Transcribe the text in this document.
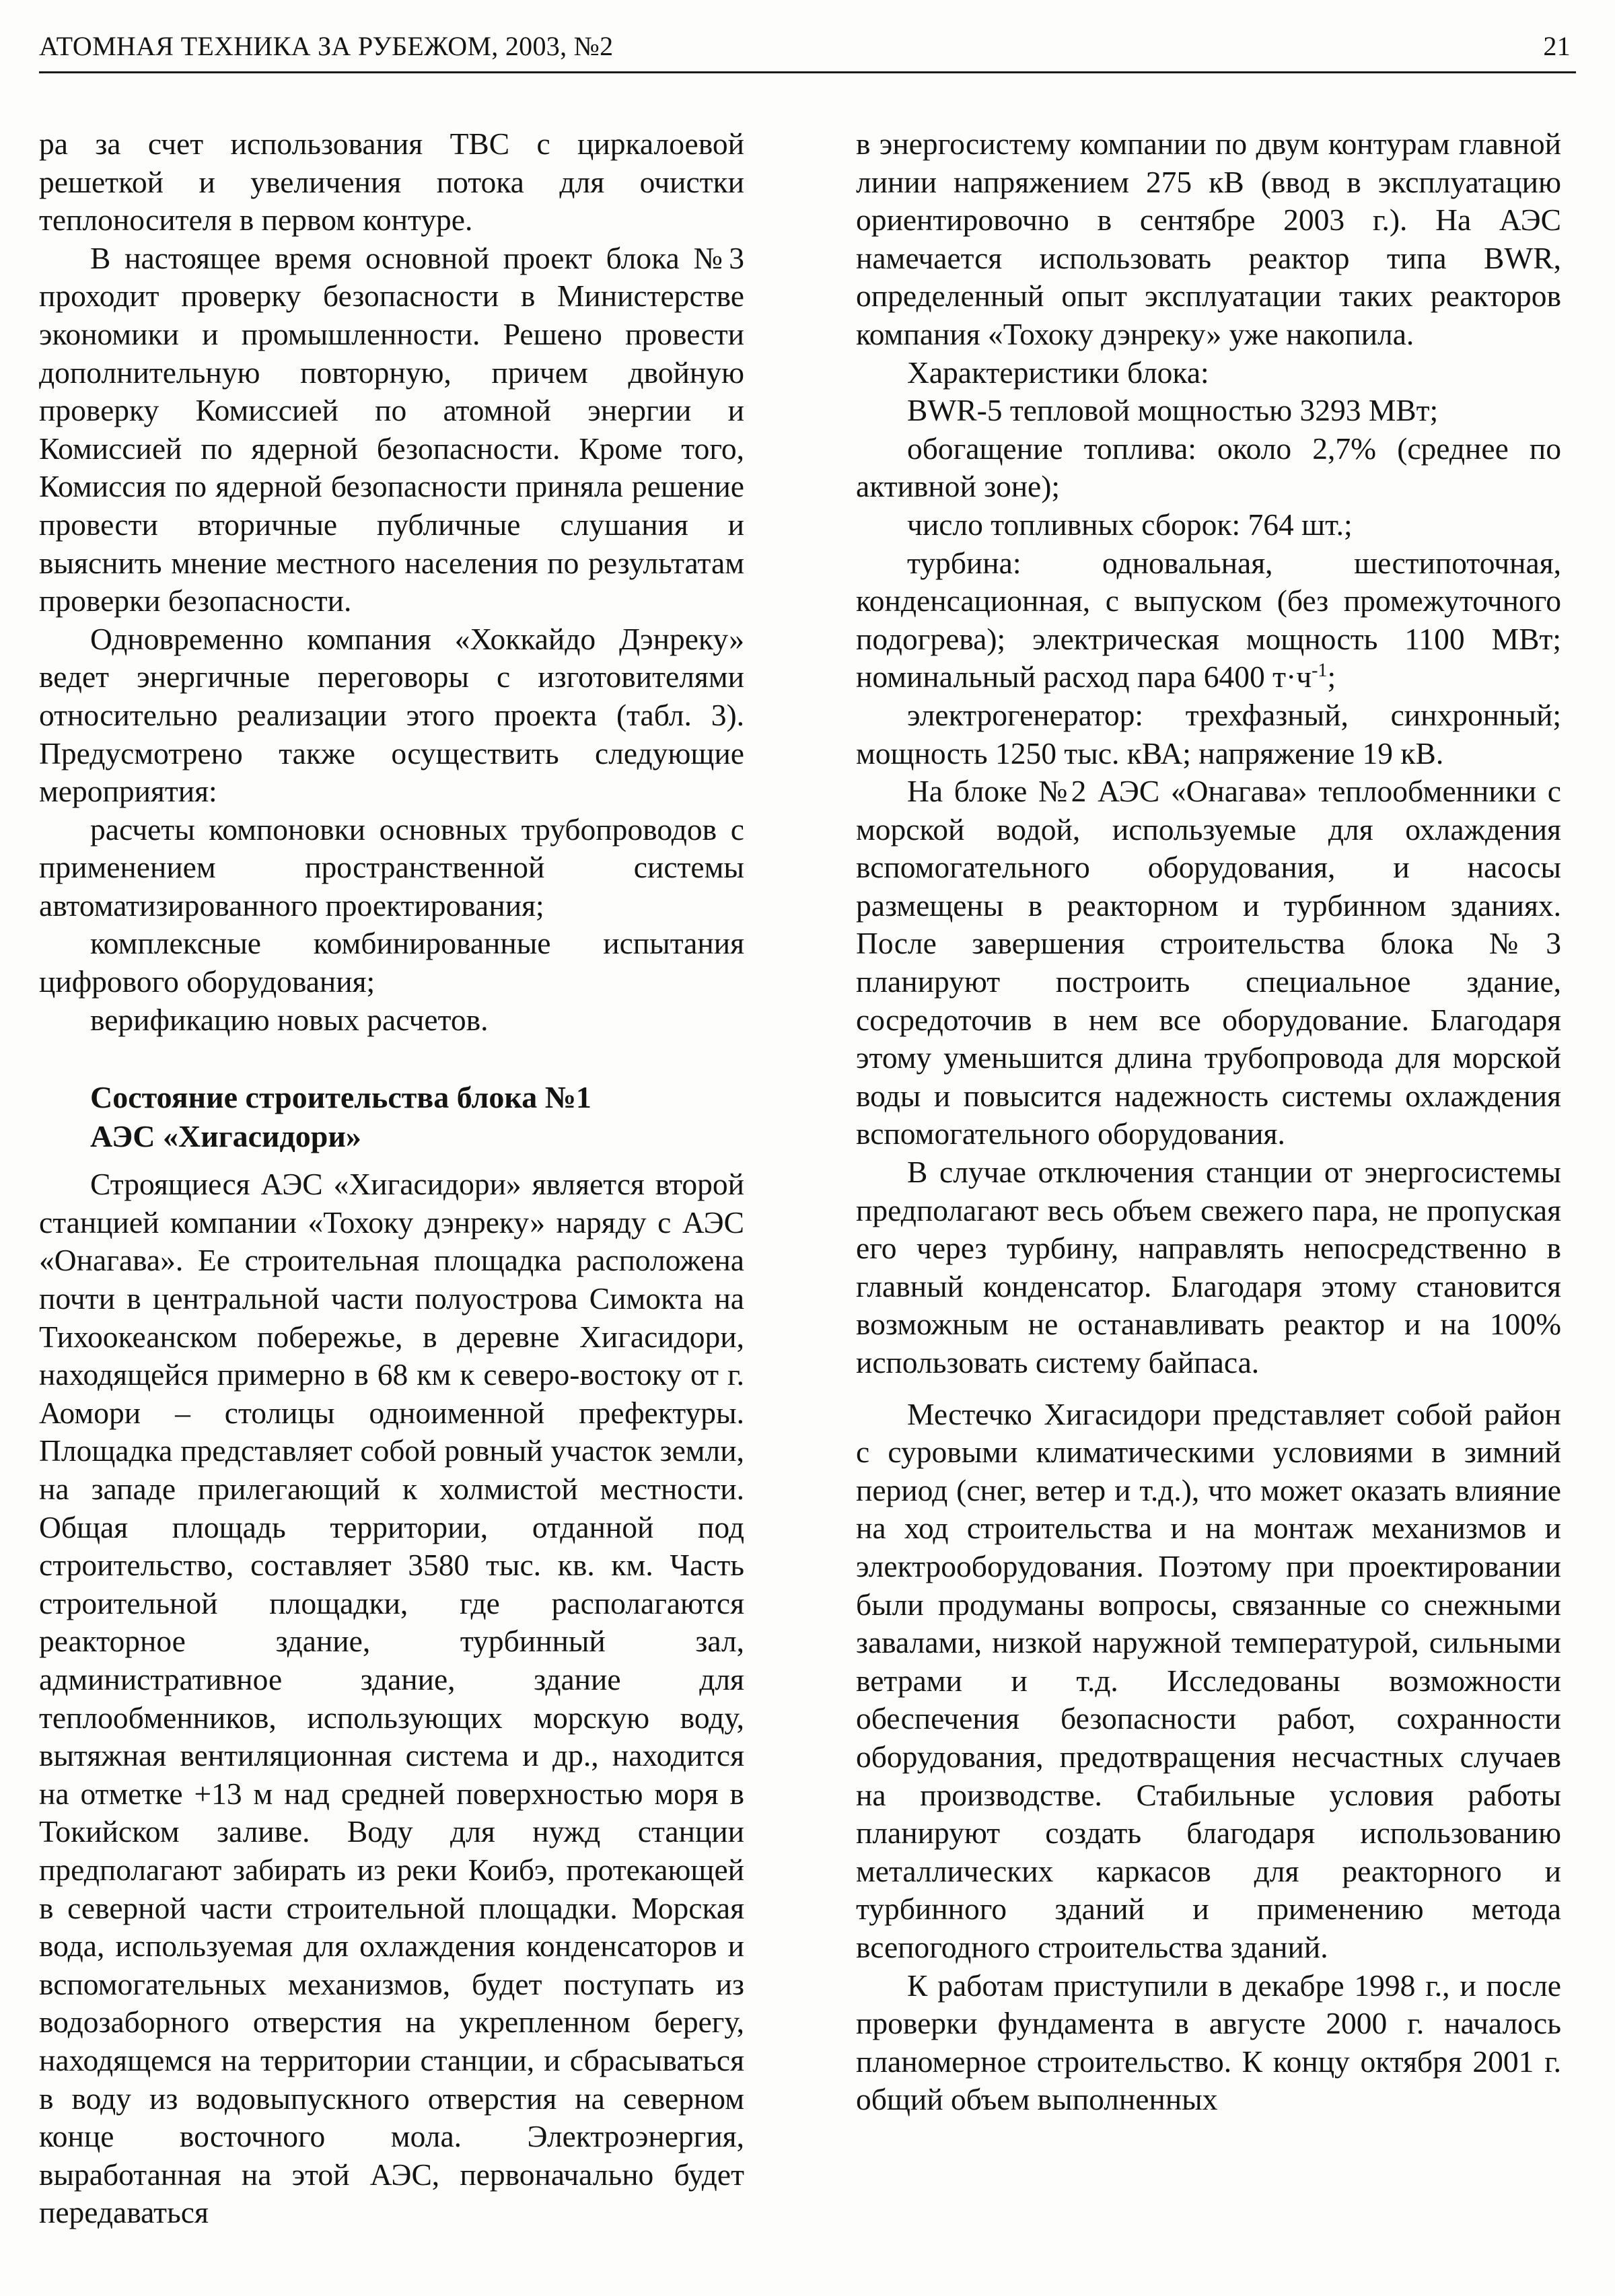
АТОМНАЯ ТЕХНИКА ЗА РУБЕЖОМ, 2003, №2	21

ра за счет использования ТВС с циркалоевой решеткой и увеличения потока для очистки теплоносителя в первом контуре.

В настоящее время основной проект блока №3 проходит проверку безопасности в Министерстве экономики и промышленности. Решено провести дополнительную повторную, причем двойную проверку Комиссией по атомной энергии и Комиссией по ядерной безопасности. Кроме того, Комиссия по ядерной безопасности приняла решение провести вторичные публичные слушания и выяснить мнение местного населения по результатам проверки безопасности.

Одновременно компания «Хоккайдо Дэнреку» ведет энергичные переговоры с изготовителями относительно реализации этого проекта (табл. 3). Предусмотрено также осуществить следующие мероприятия:

расчеты компоновки основных трубопроводов с применением пространственной системы автоматизированного проектирования;

комплексные комбинированные испытания цифрового оборудования;

верификацию новых расчетов.

Состояние строительства блока №1
АЭС «Хигасидори»

Строящиеся АЭС «Хигасидори» является второй станцией компании «Тохоку дэнреку» наряду с АЭС «Онагава». Ее строительная площадка расположена почти в центральной части полуострова Симокта на Тихоокеанском побережье, в деревне Хигасидори, находящейся примерно в 68 км к северо-востоку от г. Аомори – столицы одноименной префектуры. Площадка представляет собой ровный участок земли, на западе прилегающий к холмистой местности. Общая площадь территории, отданной под строительство, составляет 3580 тыс. кв. км. Часть строительной площадки, где располагаются реакторное здание, турбинный зал, административное здание, здание для теплообменников, использующих морскую воду, вытяжная вентиляционная система и др., находится на отметке +13 м над средней поверхностью моря в Токийском заливе. Воду для нужд станции предполагают забирать из реки Коибэ, протекающей в северной части строительной площадки. Морская вода, используемая для охлаждения конденсаторов и вспомогательных механизмов, будет поступать из водозаборного отверстия на укрепленном берегу, находящемся на территории станции, и сбрасываться в воду из водовыпускного отверстия на северном конце восточного мола. Электроэнергия, выработанная на этой АЭС, первоначально будет передаваться

в энергосистему компании по двум контурам главной линии напряжением 275 кВ (ввод в эксплуатацию ориентировочно в сентябре 2003 г.). На АЭС намечается использовать реактор типа BWR, определенный опыт эксплуатации таких реакторов компания «Тохоку дэнреку» уже накопила.

Характеристики блока:

BWR-5 тепловой мощностью 3293 МВт;

обогащение топлива: около 2,7% (среднее по активной зоне);

число топливных сборок: 764 шт.;

турбина: одновальная, шестипоточная, конденсационная, с выпуском (без промежуточного подогрева); электрическая мощность 1100 МВт; номинальный расход пара 6400 $т\cdot ч^{-1}$;

электрогенератор: трехфазный, синхронный; мощность 1250 тыс. кВА; напряжение 19 кВ.

На блоке №2 АЭС «Онагава» теплообменники с морской водой, используемые для охлаждения вспомогательного оборудования, и насосы размещены в реакторном и турбинном зданиях. После завершения строительства блока №3 планируют построить специальное здание, сосредоточив в нем все оборудование. Благодаря этому уменьшится длина трубопровода для морской воды и повысится надежность системы охлаждения вспомогательного оборудования.

В случае отключения станции от энергосистемы предполагают весь объем свежего пара, не пропуская его через турбину, направлять непосредственно в главный конденсатор. Благодаря этому становится возможным не останавливать реактор и на 100% использовать систему байпаса.

Местечко Хигасидори представляет собой район с суровыми климатическими условиями в зимний период (снег, ветер и т.д.), что может оказать влияние на ход строительства и на монтаж механизмов и электрооборудования. Поэтому при проектировании были продуманы вопросы, связанные со снежными завалами, низкой наружной температурой, сильными ветрами и т.д. Исследованы возможности обеспечения безопасности работ, сохранности оборудования, предотвращения несчастных случаев на производстве. Стабильные условия работы планируют создать благодаря использованию металлических каркасов для реакторного и турбинного зданий и применению метода всепогодного строительства зданий.

К работам приступили в декабре 1998 г., и после проверки фундамента в августе 2000 г. началось планомерное строительство. К концу октября 2001 г. общий объем выполненных
